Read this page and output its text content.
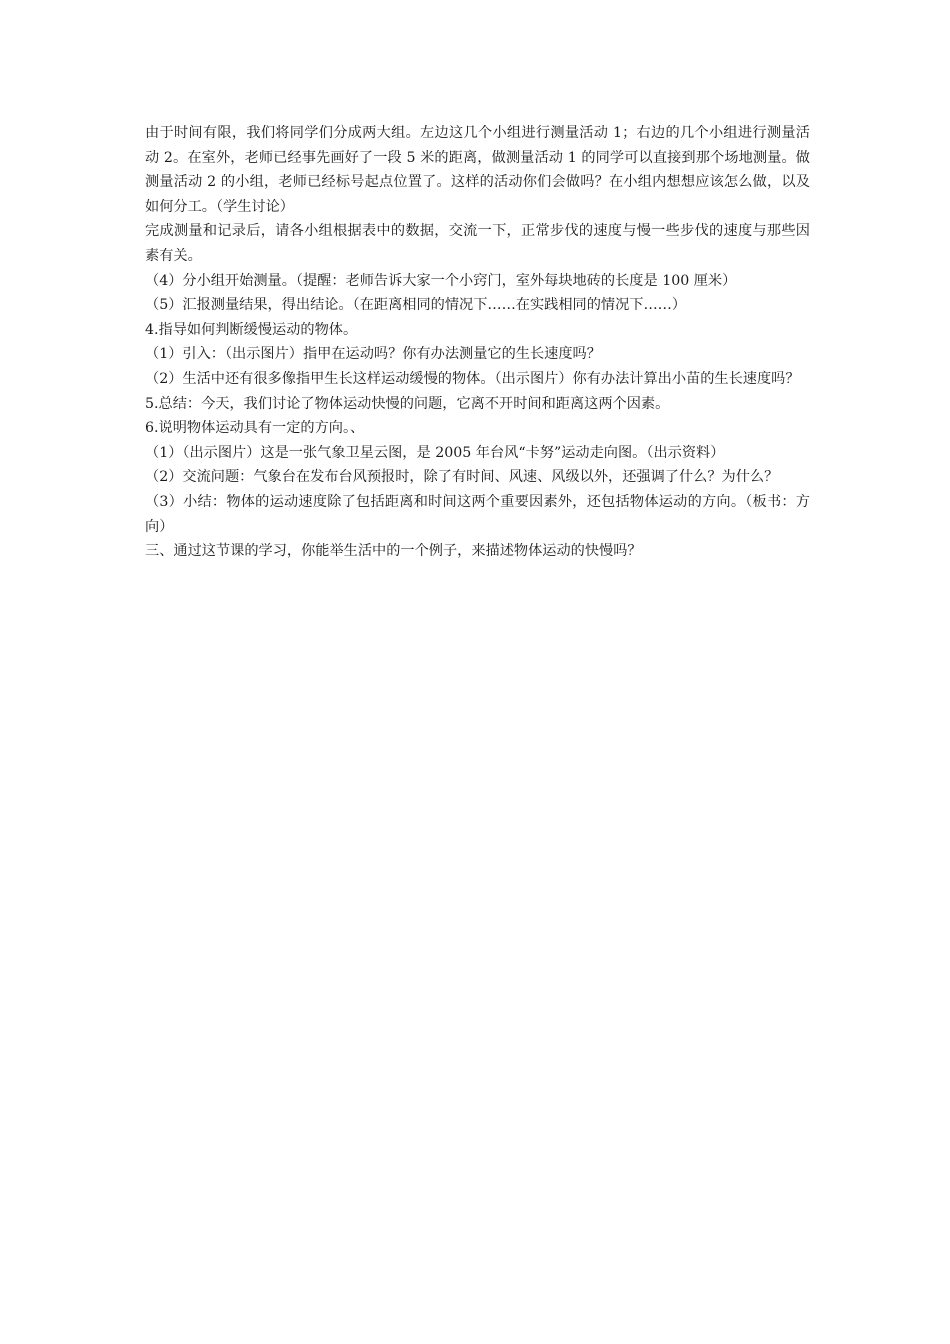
由于时间有限，我们将同学们分成两大组。左边这几个小组进行测量活动 1；右边的几个小组进行测量活动 2。在室外，老师已经事先画好了一段 5 米的距离，做测量活动 1 的同学可以直接到那个场地测量。做测量活动 2 的小组，老师已经标号起点位置了。这样的活动你们会做吗？在小组内想想应该怎么做，以及如何分工。（学生讨论）

完成测量和记录后，请各小组根据表中的数据，交流一下，正常步伐的速度与慢一些步伐的速度与那些因素有关。

（4）分小组开始测量。（提醒：老师告诉大家一个小窍门，室外每块地砖的长度是 100 厘米）

（5）汇报测量结果，得出结论。（在距离相同的情况下……在实践相同的情况下……）

4.指导如何判断缓慢运动的物体。

（1）引入：（出示图片）指甲在运动吗？你有办法测量它的生长速度吗？

（2）生活中还有很多像指甲生长这样运动缓慢的物体。（出示图片）你有办法计算出小苗的生长速度吗？

5.总结：今天，我们讨论了物体运动快慢的问题，它离不开时间和距离这两个因素。

6.说明物体运动具有一定的方向。、

（1）（出示图片）这是一张气象卫星云图，是 2005 年台风“卡努”运动走向图。（出示资料）

（2）交流问题：气象台在发布台风预报时，除了有时间、风速、风级以外，还强调了什么？为什么？

（3）小结：物体的运动速度除了包括距离和时间这两个重要因素外，还包括物体运动的方向。（板书：方向）

三、通过这节课的学习，你能举生活中的一个例子，来描述物体运动的快慢吗？
